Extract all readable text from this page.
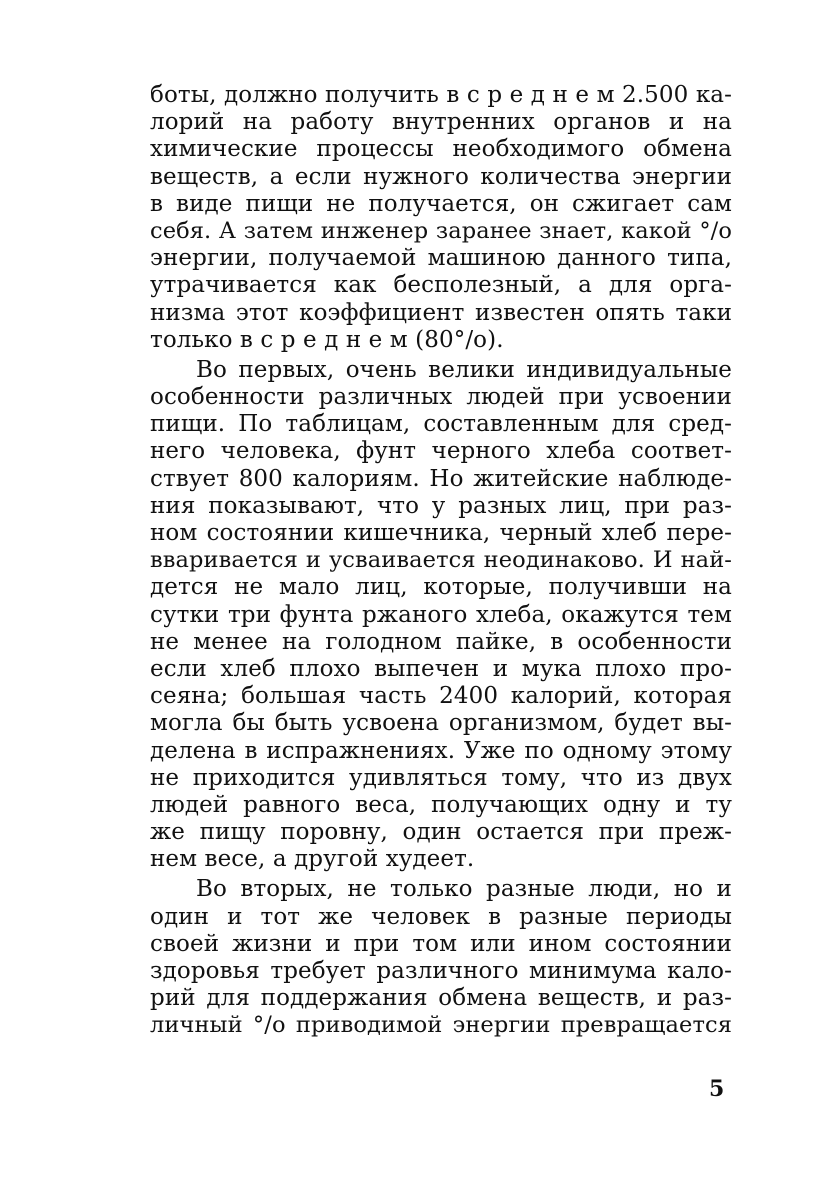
боты, должно получить в с р е д н е м 2.500 ка-
лорий на работу внутренних органов и на
химические процессы необходимого обмена
веществ, а если нужного количества энергии
в виде пищи не получается, он сжигает сам
себя. А затем инженер заранее знает, какой °/о
энергии, получаемой машиною данного типа,
утрачивается как бесполезный, а для орга-
низма этот коэффициент известен опять таки
только в с р е д н е м (80°/о).
Во первых, очень велики индивидуальные
особенности различных людей при усвоении
пищи. По таблицам, составленным для сред-
него человека, фунт черного хлеба соответ-
ствует 800 калориям. Но житейские наблюде-
ния показывают, что у разных лиц, при раз-
ном состоянии кишечника, черный хлеб пере-
вваривается и усваивается неодинаково. И най-
дется не мало лиц, которые, получивши на
сутки три фунта ржаного хлеба, окажутся тем
не менее на голодном пайке, в особенности
если хлеб плохо выпечен и мука плохо про-
сеяна; большая часть 2400 калорий, которая
могла бы быть усвоена организмом, будет вы-
делена в испражнениях. Уже по одному этому
не приходится удивляться тому, что из двух
людей равного веса, получающих одну и ту
же пищу поровну, один остается при преж-
нем весе, а другой худеет.
Во вторых, не только разные люди, но и
один и тот же человек в разные периоды
своей жизни и при том или ином состоянии
здоровья требует различного минимума кало-
рий для поддержания обмена веществ, и раз-
личный °/о приводимой энергии превращается
5
